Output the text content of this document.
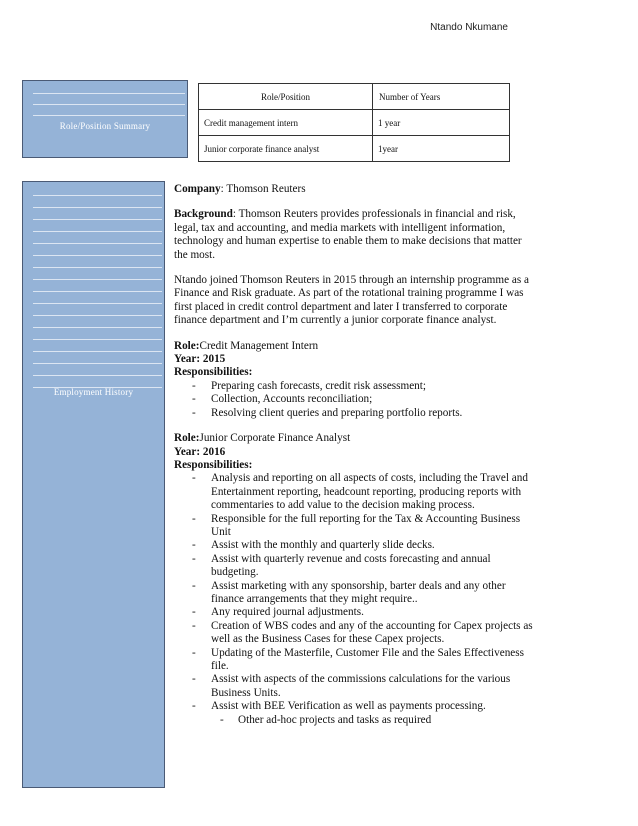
Ntando Nkumane
Role/Position Summary
Role/Position	Number of Years
Credit management intern	1 year
Junior corporate finance analyst	1year
Employment History

Company: Thomson Reuters

Background: Thomson Reuters provides professionals in financial and risk, legal, tax and accounting, and media markets with intelligent information, technology and human expertise to enable them to make decisions that matter the most.

Ntando joined Thomson Reuters in 2015 through an internship programme as a Finance and Risk graduate. As part of the rotational training programme I was first placed in credit control department and later I transferred to corporate finance department and I’m currently a junior corporate finance analyst.

Role:Credit Management Intern

Year: 2015

Responsibilities:

- Preparing cash forecasts, credit risk assessment;
- Collection, Accounts reconciliation;
- Resolving client queries and preparing portfolio reports.

Role:Junior Corporate Finance Analyst

Year: 2016

Responsibilities:

- Analysis and reporting on all aspects of costs, including the Travel and Entertainment reporting, headcount reporting, producing reports with commentaries to add value to the decision making process.
- Responsible for the full reporting for the Tax & Accounting Business Unit
- Assist with the monthly and quarterly slide decks.
- Assist with quarterly revenue and costs forecasting and annual budgeting.
- Assist marketing with any sponsorship, barter deals and any other finance arrangements that they might require..
- Any required journal adjustments.
- Creation of WBS codes and any of the accounting for Capex projects as well as the Business Cases for these Capex projects.
- Updating of the Masterfile, Customer File and the Sales Effectiveness file.
- Assist with aspects of the commissions calculations for the various Business Units.
- Assist with BEE Verification as well as payments processing.
- Other ad-hoc projects and tasks as required
